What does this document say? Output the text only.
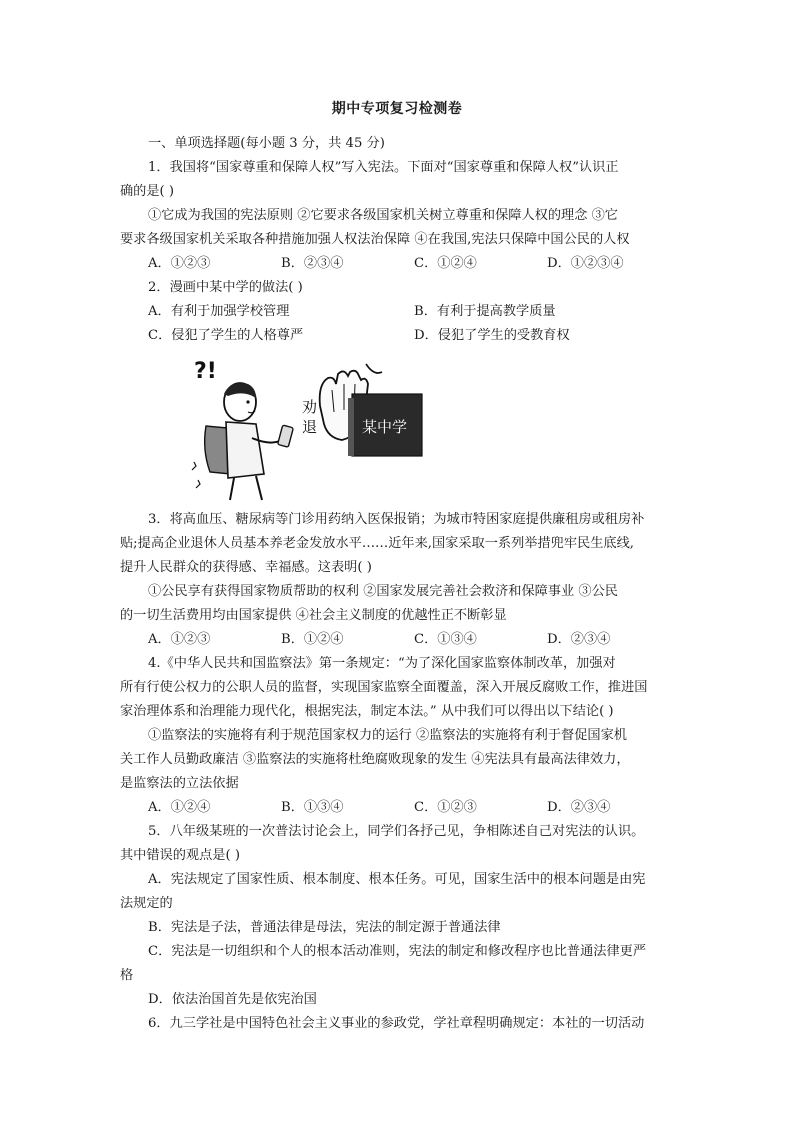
期中专项复习检测卷
一、单项选择题(每小题 3 分，共 45 分)
1．我国将“国家尊重和保障人权”写入宪法。下面对“国家尊重和保障人权”认识正
确的是( )
①它成为我国的宪法原则 ②它要求各级国家机关树立尊重和保障人权的理念 ③它
要求各级国家机关采取各种措施加强人权法治保障 ④在我国,宪法只保障中国公民的人权
A．①②③	B．②③④	C．①②④	D．①②③④
2．漫画中某中学的做法( )
A．有利于加强学校管理	B．有利于提高教学质量
C．侵犯了学生的人格尊严	D．侵犯了学生的受教育权
?!
劝
退	某中学
3．将高血压、糖尿病等门诊用药纳入医保报销；为城市特困家庭提供廉租房或租房补
贴;提高企业退休人员基本养老金发放水平……近年来,国家采取一系列举措兜牢民生底线,
提升人民群众的获得感、幸福感。这表明( )
①公民享有获得国家物质帮助的权利 ②国家发展完善社会救济和保障事业 ③公民
的一切生活费用均由国家提供 ④社会主义制度的优越性正不断彰显
A．①②③	B．①②④	C．①③④	D．②③④
4.《中华人民共和国监察法》第一条规定：“为了深化国家监察体制改革，加强对
所有行使公权力的公职人员的监督，实现国家监察全面覆盖，深入开展反腐败工作，推进国
家治理体系和治理能力现代化，根据宪法，制定本法。” 从中我们可以得出以下结论( )
①监察法的实施将有利于规范国家权力的运行 ②监察法的实施将有利于督促国家机
关工作人员勤政廉洁 ③监察法的实施将杜绝腐败现象的发生 ④宪法具有最高法律效力，
是监察法的立法依据
A．①②④	B．①③④	C．①②③	D．②③④
5．八年级某班的一次普法讨论会上，同学们各抒己见，争相陈述自己对宪法的认识。
其中错误的观点是( )
A．宪法规定了国家性质、根本制度、根本任务。可见，国家生活中的根本问题是由宪
法规定的
B．宪法是子法，普通法律是母法，宪法的制定源于普通法律
C．宪法是一切组织和个人的根本活动准则，宪法的制定和修改程序也比普通法律更严
格
D．依法治国首先是依宪治国
6．九三学社是中国特色社会主义事业的参政党，学社章程明确规定：本社的一切活动
